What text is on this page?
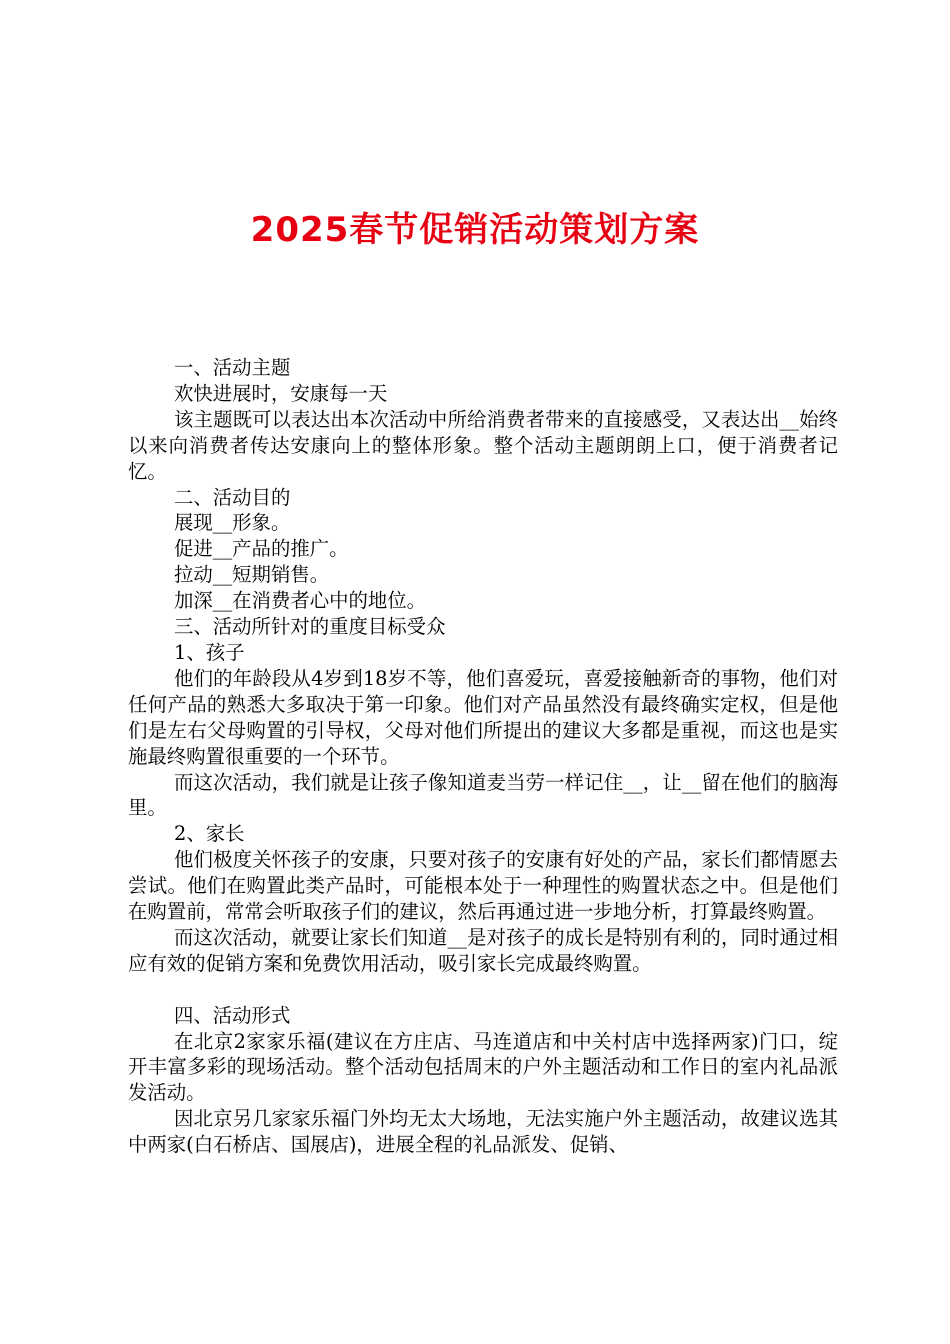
2025春节促销活动策划方案

一、活动主题

欢快进展时，安康每一天

该主题既可以表达出本次活动中所给消费者带来的直接感受，又表达出__始终以来向消费者传达安康向上的整体形象。整个活动主题朗朗上口，便于消费者记忆。

二、活动目的

展现__形象。

促进__产品的推广。

拉动__短期销售。

加深__在消费者心中的地位。

三、活动所针对的重度目标受众

1、孩子

他们的年龄段从4岁到18岁不等，他们喜爱玩，喜爱接触新奇的事物，他们对任何产品的熟悉大多取决于第一印象。他们对产品虽然没有最终确实定权，但是他们是左右父母购置的引导权，父母对他们所提出的建议大多都是重视，而这也是实施最终购置很重要的一个环节。

而这次活动，我们就是让孩子像知道麦当劳一样记住__，让__留在他们的脑海里。

2、家长

他们极度关怀孩子的安康，只要对孩子的安康有好处的产品，家长们都情愿去尝试。他们在购置此类产品时，可能根本处于一种理性的购置状态之中。但是他们在购置前，常常会听取孩子们的建议，然后再通过进一步地分析，打算最终购置。

而这次活动，就要让家长们知道__是对孩子的成长是特别有利的，同时通过相应有效的促销方案和免费饮用活动，吸引家长完成最终购置。

四、活动形式

在北京2家家乐福(建议在方庄店、马连道店和中关村店中选择两家)门口，绽开丰富多彩的现场活动。整个活动包括周末的户外主题活动和工作日的室内礼品派发活动。

因北京另几家家乐福门外均无太大场地，无法实施户外主题活动，故建议选其中两家(白石桥店、国展店)，进展全程的礼品派发、促销、
